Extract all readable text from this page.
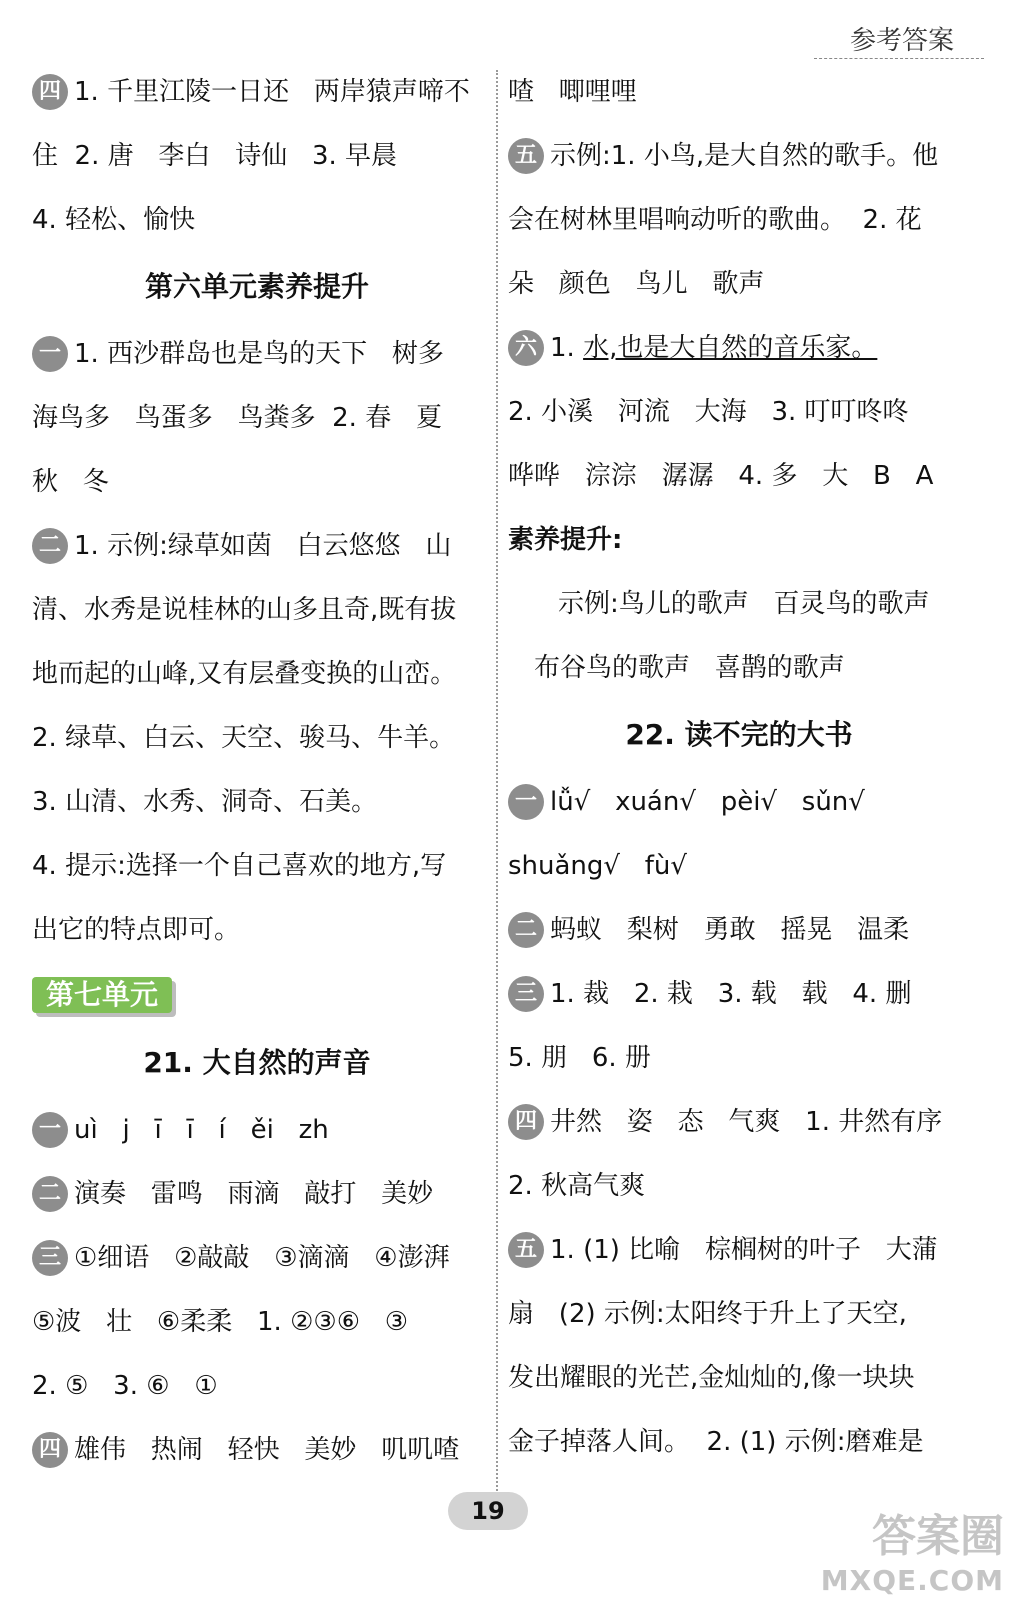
参考答案
四 1. 千里江陵一日还   两岸猿声啼不
住  2. 唐   李白   诗仙   3. 早晨
4. 轻松、愉快
第六单元素养提升
一 1. 西沙群岛也是鸟的天下   树多
海鸟多   鸟蛋多   鸟粪多  2. 春   夏
秋   冬
二 1. 示例:绿草如茵   白云悠悠   山
清、水秀是说桂林的山多且奇,既有拔
地而起的山峰,又有层叠变换的山峦。
2. 绿草、白云、天空、骏马、牛羊。
3. 山清、水秀、洞奇、石美。
4. 提示:选择一个自己喜欢的地方,写
出它的特点即可。
第七单元
21. 大自然的声音
一 uì   j   ī   ī   í   ěi   zh
二 演奏   雷鸣   雨滴   敲打   美妙
三 ①细语   ②敲敲   ③滴滴   ④澎湃
⑤波   壮   ⑥柔柔   1. ②③⑥   ③
2. ⑤   3. ⑥   ①
四 雄伟   热闹   轻快   美妙   叽叽喳
喳   唧哩哩
五 示例:1. 小鸟,是大自然的歌手。他
会在树林里唱响动听的歌曲。  2. 花
朵   颜色   鸟儿   歌声
六 1. 水,也是大自然的音乐家。
2. 小溪   河流   大海   3. 叮叮咚咚
哗哗   淙淙   潺潺   4. 多   大   B   A
素养提升:
示例:鸟儿的歌声   百灵鸟的歌声
布谷鸟的歌声   喜鹊的歌声
22. 读不完的大书
一 lǚ√   xuán√   pèi√   sǔn√
shuǎng√   fù√
二 蚂蚁   梨树   勇敢   摇晃   温柔
三 1. 裁   2. 栽   3. 载   载   4. 删
5. 朋   6. 册
四 井然   姿   态   气爽   1. 井然有序
2. 秋高气爽
五 1. (1) 比喻   棕榈树的叶子   大蒲
扇   (2) 示例:太阳终于升上了天空,
发出耀眼的光芒,金灿灿的,像一块块
金子掉落人间。  2. (1) 示例:磨难是
19	答案圈
MXQE.COM
